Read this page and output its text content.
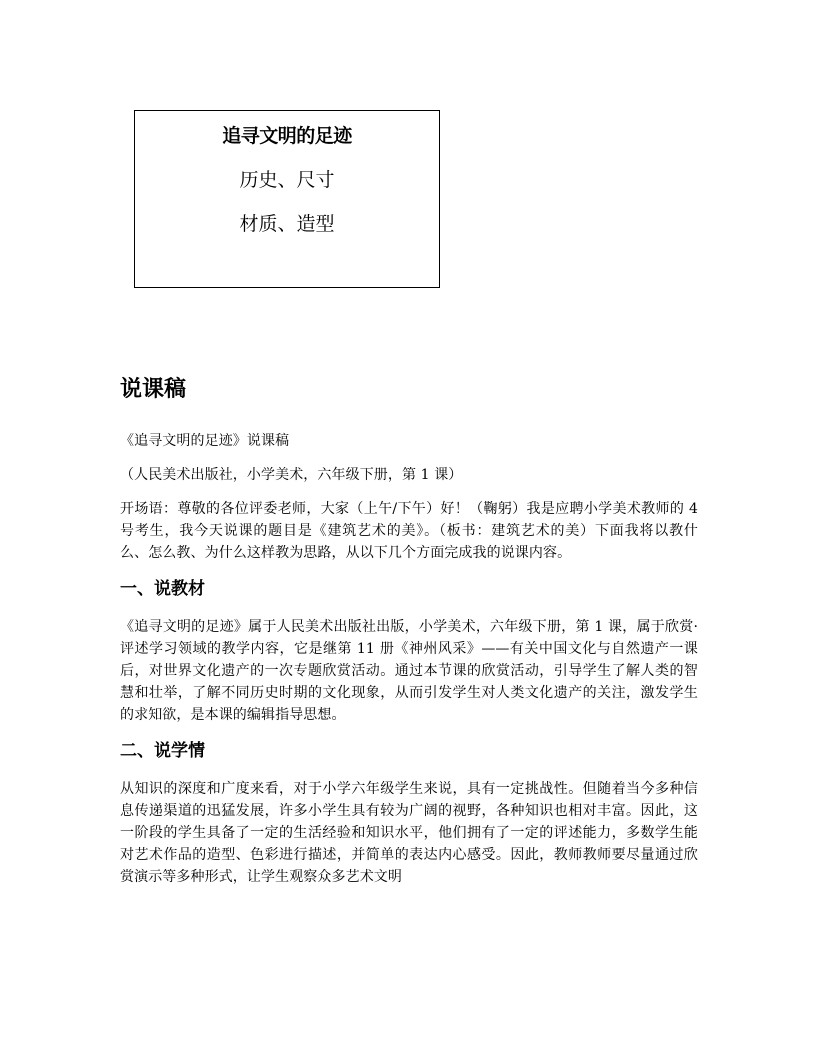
追寻文明的足迹
历史、尺寸
材质、造型
说课稿
《追寻文明的足迹》说课稿
（人民美术出版社，小学美术，六年级下册，第 1 课）
开场语：尊敬的各位评委老师，大家（上午/下午）好！（鞠躬）我是应聘小学美术教师的 4 号考生，我今天说课的题目是《建筑艺术的美》。（板书：建筑艺术的美）下面我将以教什么、怎么教、为什么这样教为思路，从以下几个方面完成我的说课内容。
一、说教材
《追寻文明的足迹》属于人民美术出版社出版，小学美术，六年级下册，第 1 课，属于欣赏·评述学习领域的教学内容，它是继第 11 册《神州风采》——有关中国文化与自然遗产一课后，对世界文化遗产的一次专题欣赏活动。通过本节课的欣赏活动，引导学生了解人类的智慧和壮举，了解不同历史时期的文化现象，从而引发学生对人类文化遗产的关注，激发学生的求知欲，是本课的编辑指导思想。
二、说学情
从知识的深度和广度来看，对于小学六年级学生来说，具有一定挑战性。但随着当今多种信息传递渠道的迅猛发展，许多小学生具有较为广阔的视野，各种知识也相对丰富。因此，这一阶段的学生具备了一定的生活经验和知识水平，他们拥有了一定的评述能力，多数学生能对艺术作品的造型、色彩进行描述，并简单的表达内心感受。因此，教师教师要尽量通过欣赏演示等多种形式，让学生观察众多艺术文明
